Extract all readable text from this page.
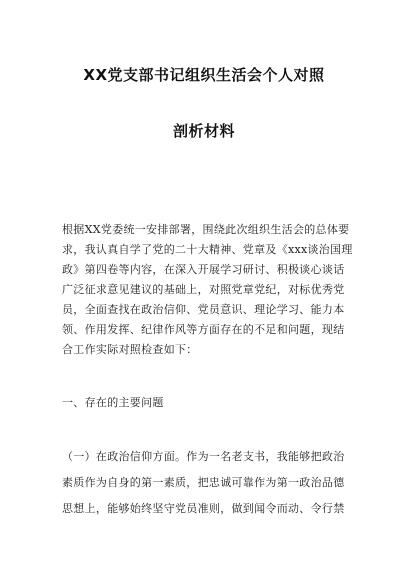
XX党支部书记组织生活会个人对照
剖析材料
根据XX党委统一安排部署，围绕此次组织生活会的总体要
求，我认真自学了党的二十大精神、党章及《xxx谈治国理
政》第四卷等内容，在深入开展学习研讨、积极谈心谈话
广泛征求意见建议的基础上，对照党章党纪，对标优秀党
员，全面查找在政治信仰、党员意识、理论学习、能力本
领、作用发挥、纪律作风等方面存在的不足和问题，现结
合工作实际对照检查如下：
一、存在的主要问题
（一）在政治信仰方面。作为一名老支书，我能够把政治
素质作为自身的第一素质，把忠诚可靠作为第一政治品德
思想上，能够始终坚守党员准则，做到闻令而动、令行禁
